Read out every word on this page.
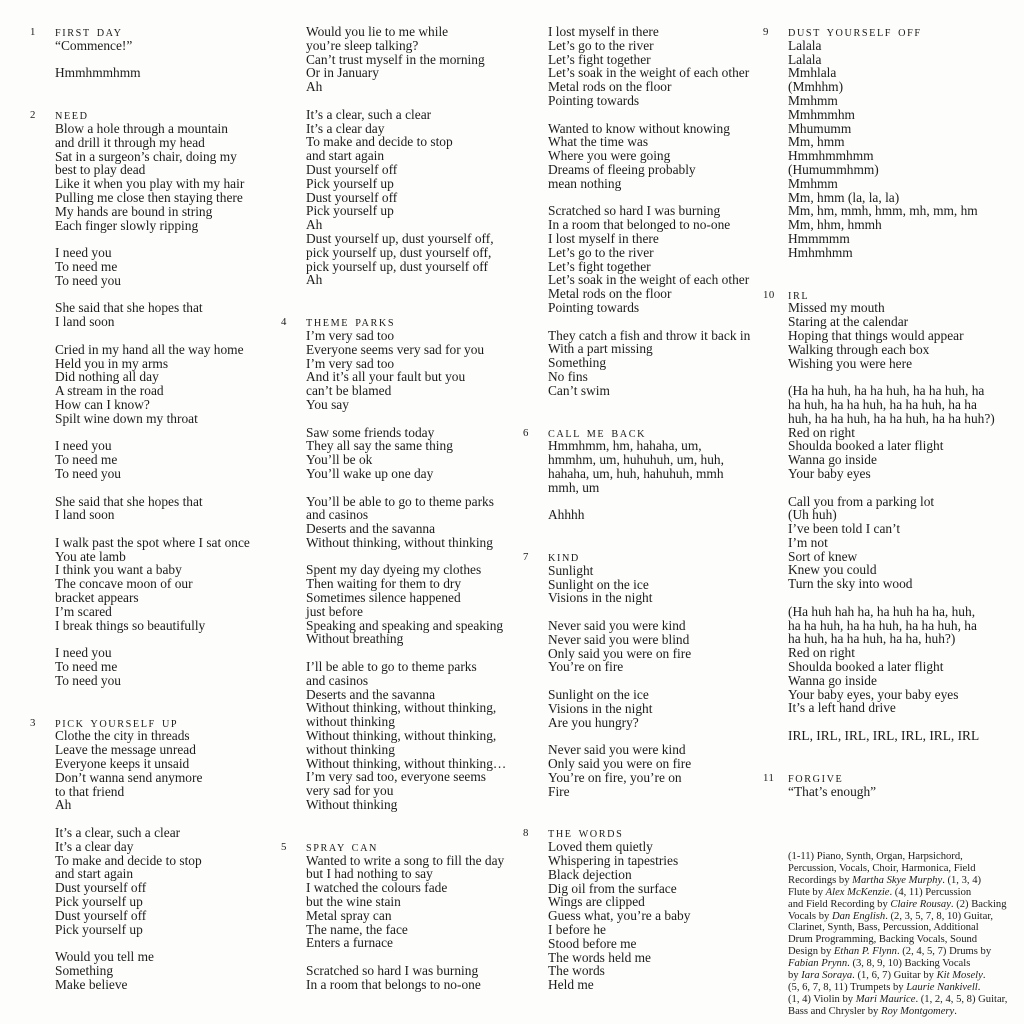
1 FIRST DAY
“Commence!”
Hmmhmmhmm
2 NEED
Blow a hole through a mountain
and drill it through my head
Sat in a surgeon’s chair, doing my
best to play dead
Like it when you play with my hair
Pulling me close then staying there
My hands are bound in string
Each finger slowly ripping
I need you
To need me
To need you
She said that she hopes that
I land soon
Cried in my hand all the way home
Held you in my arms
Did nothing all day
A stream in the road
How can I know?
Spilt wine down my throat
I need you
To need me
To need you
She said that she hopes that
I land soon
I walk past the spot where I sat once
You ate lamb
I think you want a baby
The concave moon of our
bracket appears
I’m scared
I break things so beautifully
I need you
To need me
To need you
3 PICK YOURSELF UP
Clothe the city in threads
Leave the message unread
Everyone keeps it unsaid
Don’t wanna send anymore
to that friend
Ah
It’s a clear, such a clear
It’s a clear day
To make and decide to stop
and start again
Dust yourself off
Pick yourself up
Dust yourself off
Pick yourself up
Would you tell me
Something
Make believe
Would you lie to me while
you’re sleep talking?
Can’t trust myself in the morning
Or in January
Ah
It’s a clear, such a clear
It’s a clear day
To make and decide to stop
and start again
Dust yourself off
Pick yourself up
Dust yourself off
Pick yourself up
Ah
Dust yourself up, dust yourself off,
pick yourself up, dust yourself off,
pick yourself up, dust yourself off
Ah
4 THEME PARKS
I’m very sad too
Everyone seems very sad for you
I’m very sad too
And it’s all your fault but you
can’t be blamed
You say
Saw some friends today
They all say the same thing
You’ll be ok
You’ll wake up one day
You’ll be able to go to theme parks
and casinos
Deserts and the savanna
Without thinking, without thinking
Spent my day dyeing my clothes
Then waiting for them to dry
Sometimes silence happened
just before
Speaking and speaking and speaking
Without breathing
I’ll be able to go to theme parks
and casinos
Deserts and the savanna
Without thinking, without thinking,
without thinking
Without thinking, without thinking,
without thinking
Without thinking, without thinking…
I’m very sad too, everyone seems
very sad for you
Without thinking
5 SPRAY CAN
Wanted to write a song to fill the day
but I had nothing to say
I watched the colours fade
but the wine stain
Metal spray can
The name, the face
Enters a furnace
Scratched so hard I was burning
In a room that belongs to no-one
I lost myself in there
Let’s go to the river
Let’s fight together
Let’s soak in the weight of each other
Metal rods on the floor
Pointing towards
Wanted to know without knowing
What the time was
Where you were going
Dreams of fleeing probably
mean nothing
Scratched so hard I was burning
In a room that belonged to no-one
I lost myself in there
Let’s go to the river
Let’s fight together
Let’s soak in the weight of each other
Metal rods on the floor
Pointing towards
They catch a fish and throw it back in
With a part missing
Something
No fins
Can’t swim
6 CALL ME BACK
Hmmhmm, hm, hahaha, um,
hmmhm, um, huhuhuh, um, huh,
hahaha, um, huh, hahuhuh, mmh
mmh, um
Ahhhh
7 KIND
Sunlight
Sunlight on the ice
Visions in the night
Never said you were kind
Never said you were blind
Only said you were on fire
You’re on fire
Sunlight on the ice
Visions in the night
Are you hungry?
Never said you were kind
Only said you were on fire
You’re on fire, you’re on
Fire
8 THE WORDS
Loved them quietly
Whispering in tapestries
Black dejection
Dig oil from the surface
Wings are clipped
Guess what, you’re a baby
I before he
Stood before me
The words held me
The words
Held me
9 DUST YOURSELF OFF
Lalala
Lalala
Mmhlala
(Mmhhm)
Mmhmm
Mmhmmhm
Mhumumm
Mm, hmm
Hmmhmmhmm
(Humummhmm)
Mmhmm
Mm, hmm (la, la, la)
Mm, hm, mmh, hmm, mh, mm, hm
Mm, hhm, hmmh
Hmmmmm
Hmhmhmm
10 IRL
Missed my mouth
Staring at the calendar
Hoping that things would appear
Walking through each box
Wishing you were here
(Ha ha huh, ha ha huh, ha ha huh, ha
ha huh, ha ha huh, ha ha huh, ha ha
huh, ha ha huh, ha ha huh, ha ha huh?)
Red on right
Shoulda booked a later flight
Wanna go inside
Your baby eyes
Call you from a parking lot
(Uh huh)
I’ve been told I can’t
I’m not
Sort of knew
Knew you could
Turn the sky into wood
(Ha huh hah ha, ha huh ha ha, huh,
ha ha huh, ha ha huh, ha ha huh, ha
ha huh, ha ha huh, ha ha, huh?)
Red on right
Shoulda booked a later flight
Wanna go inside
Your baby eyes, your baby eyes
It’s a left hand drive
IRL, IRL, IRL, IRL, IRL, IRL, IRL
11 FORGIVE
“That’s enough”
(1-11) Piano, Synth, Organ, Harpsichord,
Percussion, Vocals, Choir, Harmonica, Field
Recordings by Martha Skye Murphy. (1, 3, 4)
Flute by Alex McKenzie. (4, 11) Percussion
and Field Recording by Claire Rousay. (2) Backing
Vocals by Dan English. (2, 3, 5, 7, 8, 10) Guitar,
Clarinet, Synth, Bass, Percussion, Additional
Drum Programming, Backing Vocals, Sound
Design by Ethan P. Flynn. (2, 4, 5, 7) Drums by
Fabian Prynn. (3, 8, 9, 10) Backing Vocals
by Iara Soraya. (1, 6, 7) Guitar by Kit Mosely.
(5, 6, 7, 8, 11) Trumpets by Laurie Nankivell.
(1, 4) Violin by Mari Maurice. (1, 2, 4, 5, 8) Guitar,
Bass and Chrysler by Roy Montgomery.
